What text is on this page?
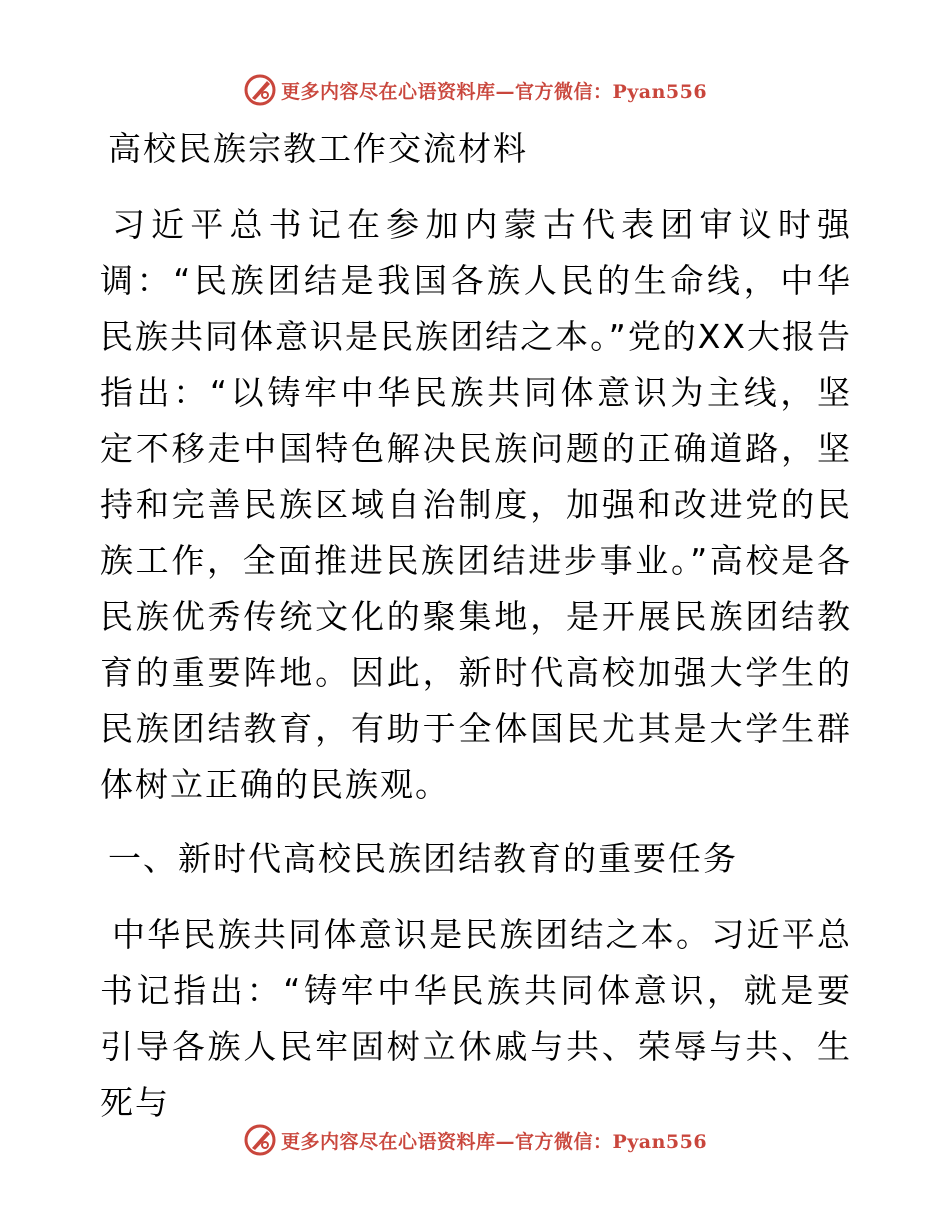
更多内容尽在心语资料库—官方微信：Pyan556
高校民族宗教工作交流材料

习近平总书记在参加内蒙古代表团审议时强调：“民族团结是我国各族人民的生命线，中华民族共同体意识是民族团结之本。”党的XX大报告指出：“以铸牢中华民族共同体意识为主线，坚定不移走中国特色解决民族问题的正确道路，坚持和完善民族区域自治制度，加强和改进党的民族工作，全面推进民族团结进步事业。”高校是各民族优秀传统文化的聚集地，是开展民族团结教育的重要阵地。因此，新时代高校加强大学生的民族团结教育，有助于全体国民尤其是大学生群体树立正确的民族观。

一、新时代高校民族团结教育的重要任务

中华民族共同体意识是民族团结之本。习近平总书记指出：“铸牢中华民族共同体意识，就是要引导各族人民牢固树立休戚与共、荣辱与共、生死与

更多内容尽在心语资料库—官方微信：Pyan556
